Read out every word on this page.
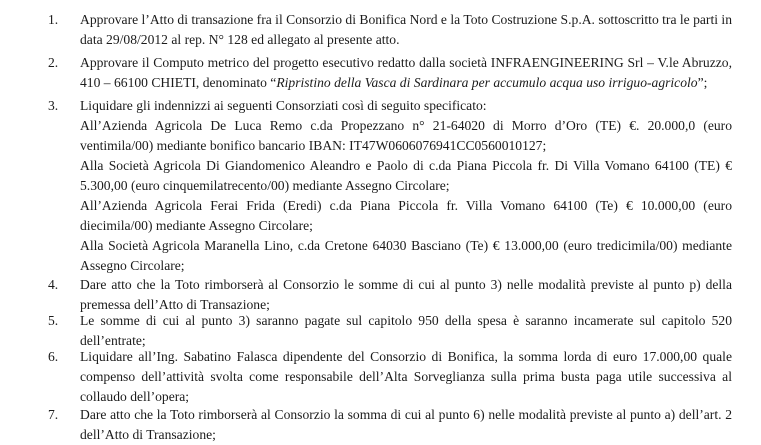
1. Approvare l’Atto di transazione fra il Consorzio di Bonifica Nord e la Toto Costruzione S.p.A. sottoscritto tra le parti in data 29/08/2012 al rep. N° 128 ed allegato al presente atto.
2. Approvare il Computo metrico del progetto esecutivo redatto dalla società INFRAENGINEERING Srl – V.le Abruzzo, 410 – 66100 CHIETI, denominato “Ripristino della Vasca di Sardinara per accumulo acqua uso irriguo-agricolo”;
3. Liquidare gli indennizzi ai seguenti Consorziati così di seguito specificato:
All’Azienda Agricola De Luca Remo c.da Propezzano n° 21-64020 di Morro d’Oro (TE) €. 20.000,0 (euro ventimila/00) mediante bonifico bancario IBAN: IT47W0606076941CC0560010127;
Alla Società Agricola Di Giandomenico Aleandro e Paolo di c.da Piana Piccola fr. Di Villa Vomano 64100 (TE) € 5.300,00 (euro cinquemilatrecento/00) mediante Assegno Circolare;
All’Azienda Agricola Ferai Frida (Eredi) c.da Piana Piccola fr. Villa Vomano 64100 (Te) € 10.000,00 (euro diecimila/00) mediante Assegno Circolare;
Alla Società Agricola Maranella Lino, c.da Cretone 64030 Basciano (Te) € 13.000,00 (euro tredicimila/00) mediante Assegno Circolare;
4. Dare atto che la Toto rimborserà al Consorzio le somme di cui al punto 3) nelle modalità previste al punto p) della premessa dell’Atto di Transazione;
5. Le somme di cui al punto 3) saranno pagate sul capitolo 950 della spesa è saranno incamerate sul capitolo 520 dell’entrate;
6. Liquidare all’Ing. Sabatino Falasca dipendente del Consorzio di Bonifica, la somma lorda di euro 17.000,00 quale compenso dell’attività svolta come responsabile dell’Alta Sorveglianza sulla prima busta paga utile successiva al collaudo dell’opera;
7. Dare atto che la Toto rimborserà al Consorzio la somma di cui al punto 6) nelle modalità previste al punto a) dell’art. 2 dell’Atto di Transazione;
